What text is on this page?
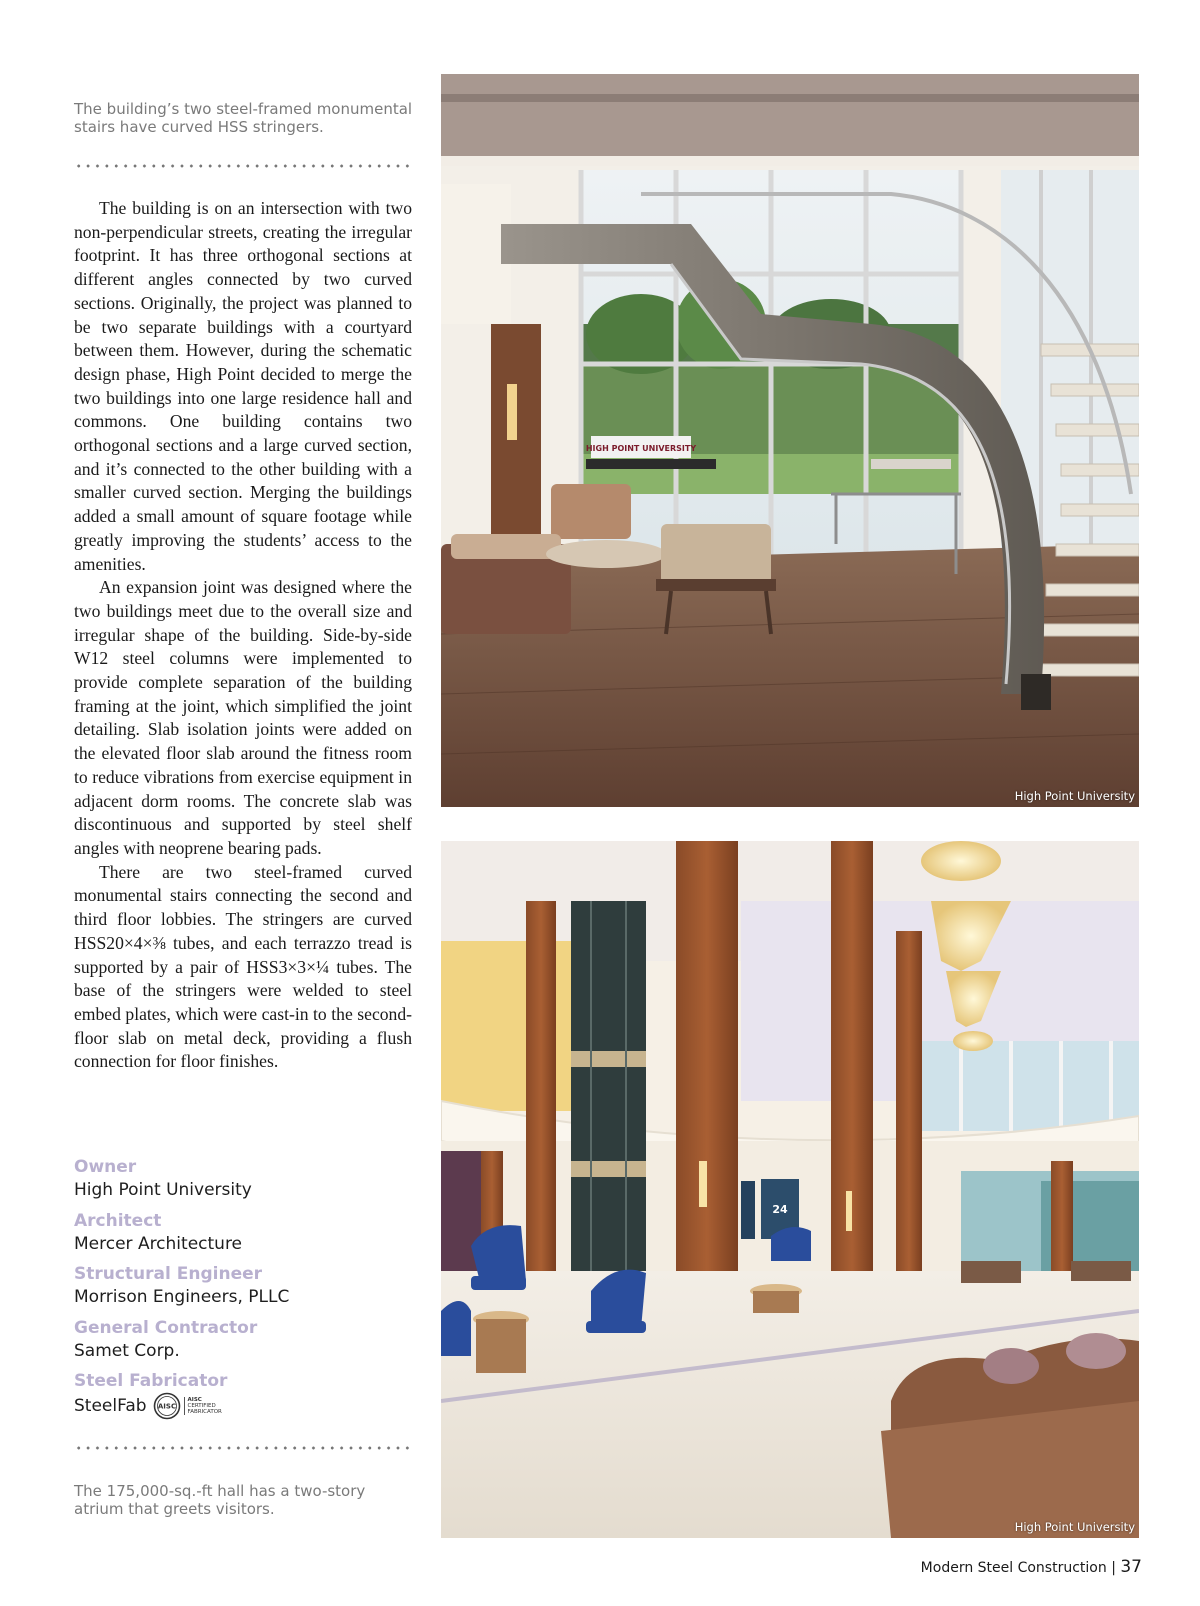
The building’s two steel-framed monumental stairs have curved HSS stringers.

The building is on an intersection with two non-perpendicular streets, creating the irregular footprint. It has three orthogonal sections at different angles connected by two curved sections. Originally, the project was planned to be two separate buildings with a courtyard between them. However, during the schematic design phase, High Point decided to merge the two buildings into one large residence hall and commons. One building contains two orthogonal sections and a large curved section, and it’s connected to the other building with a smaller curved section. Merging the buildings added a small amount of square footage while greatly improving the students’ access to the amenities.

An expansion joint was designed where the two buildings meet due to the overall size and irregular shape of the building. Side-by-side W12 steel columns were implemented to provide complete separation of the building framing at the joint, which simplified the joint detailing. Slab isolation joints were added on the elevated floor slab around the fitness room to reduce vibrations from exercise equipment in adjacent dorm rooms. The concrete slab was discontinuous and supported by steel shelf angles with neoprene bearing pads.

There are two steel-framed curved monumental stairs connecting the second and third floor lobbies. The stringers are curved HSS20×4×⅜ tubes, and each terrazzo tread is supported by a pair of HSS3×3×¼ tubes. The base of the stringers were welded to steel embed plates, which were cast-in to the second-floor slab on metal deck, providing a flush connection for floor finishes.

Owner
High Point University
Architect
Mercer Architecture
Structural Engineer
Morrison Engineers, PLLC
General Contractor
Samet Corp.
Steel Fabricator
SteelFab AISC
AISC
CERTIFIED
FABRICATOR
The 175,000-sq.-ft hall has a two-story atrium that greets visitors.
HIGH POINT UNIVERSITY
High Point University
24
High Point University
Modern Steel Construction | 37
